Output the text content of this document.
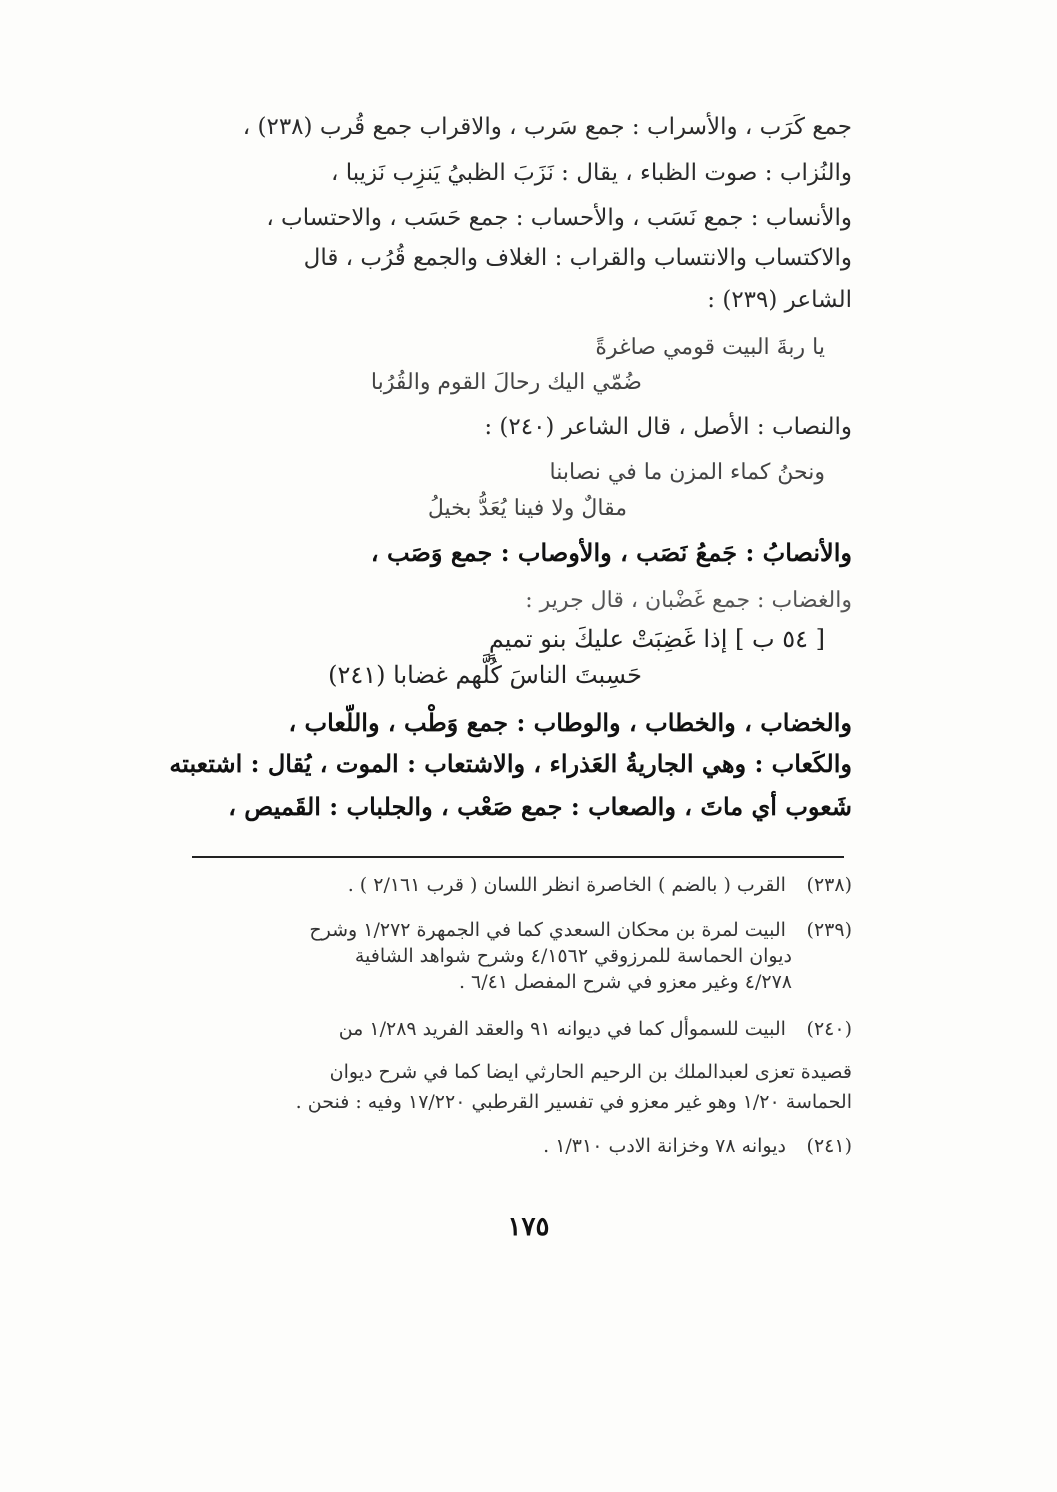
جمع كَرَب ، والأسراب : جمع سَرب ، والاقراب جمع قُرب (٢٣٨) ،
والنُزاب : صوت الظباء ، يقال : نَزَبَ الظبيُ يَنزِب نَزيبا ،
والأنساب : جمع نَسَب ، والأحساب : جمع حَسَب ، والاحتساب ،
والاكتساب والانتساب والقراب : الغلاف والجمع قُرُب ، قال
الشاعر (٢٣٩) :
يا ربةَ البيت قومي صاغرةً
ضُمّي اليك رحالَ القوم والقُرُبا
والنصاب : الأصل ، قال الشاعر (٢٤٠) :
ونحنُ كماء المزن ما في نصابنا
مقالٌ ولا فينا يُعَدُّ بخيلُ
والأنصابُ : جَمعُ نَصَب ، والأوصاب : جمع وَصَب ،
والغضاب : جمع غَضْبان ، قال جرير :
[ ٥٤ ب ] إذا غَضِبَتْ عليكَ بنو تميمٍ
حَسِبتَ الناسَ كُلَّهم غضابا (٢٤١)
والخضاب ، والخطاب ، والوطاب : جمع وَطْب ، واللّعاب ،
والكَعاب : وهي الجاريةُ العَذراء ، والاشتعاب : الموت ، يُقال : اشتعبته
شَعوب أي ماتَ ، والصعاب : جمع صَعْب ، والجلباب : القَميص ،
(٢٣٨) القرب ( بالضم ) الخاصرة انظر اللسان ( قرب ٢/١٦١ ) .
(٢٣٩) البيت لمرة بن محكان السعدي كما في الجمهرة ١/٢٧٢ وشرح
ديوان الحماسة للمرزوقي ٤/١٥٦٢ وشرح شواهد الشافية
٤/٢٧٨ وغير معزو في شرح المفصل ٦/٤١ .
(٢٤٠) البيت للسموأل كما في ديوانه ٩١ والعقد الفريد ١/٢٨٩ من
قصيدة تعزى لعبدالملك بن الرحيم الحارثي ايضا كما في شرح ديوان
الحماسة ١/٢٠ وهو غير معزو في تفسير القرطبي ١٧/٢٢٠ وفيه : فنحن .
(٢٤١) ديوانه ٧٨ وخزانة الادب ١/٣١٠ .
١٧٥
